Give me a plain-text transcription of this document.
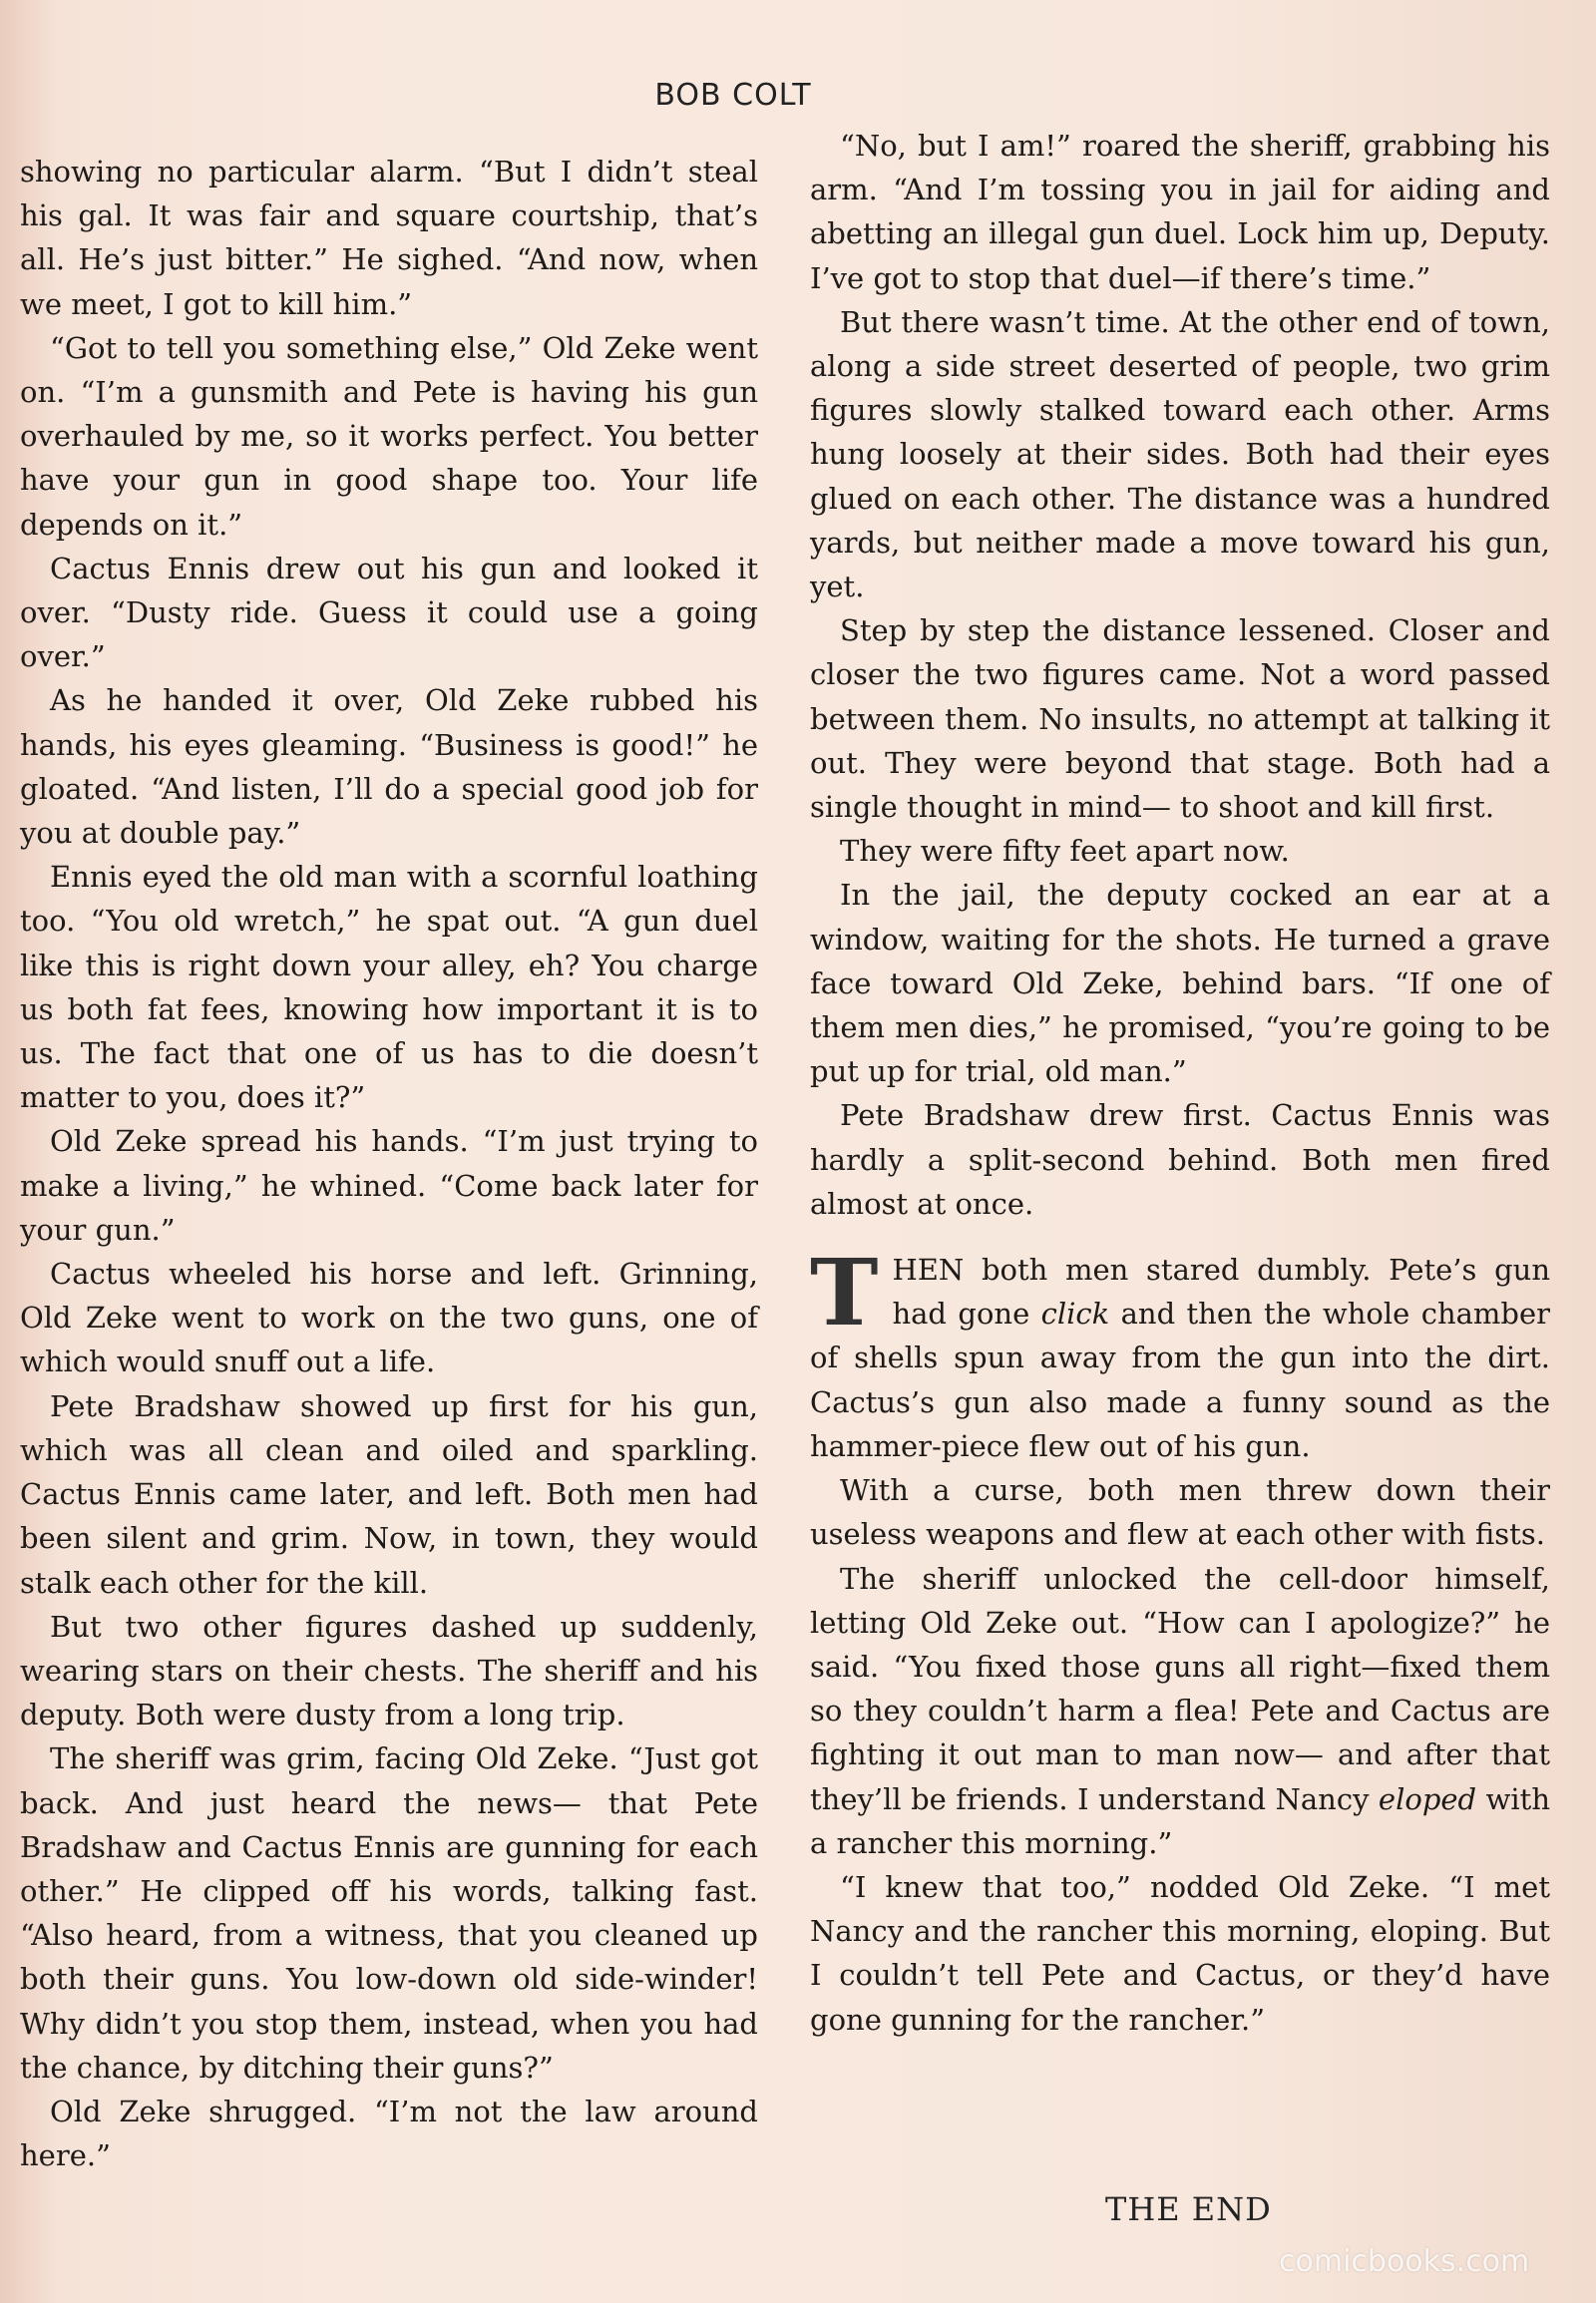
BOB COLT

showing no particular alarm. “But I didn’t steal his gal. It was fair and square courtship, that’s all. He’s just bitter.” He sighed. “And now, when we meet, I got to kill him.”

“Got to tell you something else,” Old Zeke went on. “I’m a gunsmith and Pete is having his gun overhauled by me, so it works perfect. You better have your gun in good shape too. Your life depends on it.”

Cactus Ennis drew out his gun and looked it over. “Dusty ride. Guess it could use a going over.”

As he handed it over, Old Zeke rubbed his hands, his eyes gleaming. “Business is good!” he gloated. “And listen, I’ll do a special good job for you at double pay.”

Ennis eyed the old man with a scornful loathing too. “You old wretch,” he spat out. “A gun duel like this is right down your alley, eh? You charge us both fat fees, knowing how important it is to us. The fact that one of us has to die doesn’t matter to you, does it?”

Old Zeke spread his hands. “I’m just trying to make a living,” he whined. “Come back later for your gun.”

Cactus wheeled his horse and left. Grinning, Old Zeke went to work on the two guns, one of which would snuff out a life.

Pete Bradshaw showed up first for his gun, which was all clean and oiled and sparkling. Cactus Ennis came later, and left. Both men had been silent and grim. Now, in town, they would stalk each other for the kill.

But two other figures dashed up suddenly, wearing stars on their chests. The sheriff and his deputy. Both were dusty from a long trip.

The sheriff was grim, facing Old Zeke. “Just got back. And just heard the news— that Pete Bradshaw and Cactus Ennis are gunning for each other.” He clipped off his words, talking fast. “Also heard, from a witness, that you cleaned up both their guns. You low-down old side-winder! Why didn’t you stop them, instead, when you had the chance, by ditching their guns?”

Old Zeke shrugged. “I’m not the law around here.”

“No, but I am!” roared the sheriff, grabbing his arm. “And I’m tossing you in jail for aiding and abetting an illegal gun duel. Lock him up, Deputy. I’ve got to stop that duel—if there’s time.”

But there wasn’t time. At the other end of town, along a side street deserted of people, two grim figures slowly stalked toward each other. Arms hung loosely at their sides. Both had their eyes glued on each other. The distance was a hundred yards, but neither made a move toward his gun, yet.

Step by step the distance lessened. Closer and closer the two figures came. Not a word passed between them. No insults, no attempt at talking it out. They were beyond that stage. Both had a single thought in mind— to shoot and kill first.

They were fifty feet apart now.

In the jail, the deputy cocked an ear at a window, waiting for the shots. He turned a grave face toward Old Zeke, behind bars. “If one of them men dies,” he promised, “you’re going to be put up for trial, old man.”

Pete Bradshaw drew first. Cactus Ennis was hardly a split-second behind. Both men fired almost at once.

THEN both men stared dumbly. Pete’s gun had gone click and then the whole chamber of shells spun away from the gun into the dirt. Cactus’s gun also made a funny sound as the hammer-piece flew out of his gun.

With a curse, both men threw down their useless weapons and flew at each other with fists.

The sheriff unlocked the cell-door himself, letting Old Zeke out. “How can I apologize?” he said. “You fixed those guns all right—fixed them so they couldn’t harm a flea! Pete and Cactus are fighting it out man to man now— and after that they’ll be friends. I understand Nancy eloped with a rancher this morning.”

“I knew that too,” nodded Old Zeke. “I met Nancy and the rancher this morning, eloping. But I couldn’t tell Pete and Cactus, or they’d have gone gunning for the rancher.”

THE END
comicbooks.com
